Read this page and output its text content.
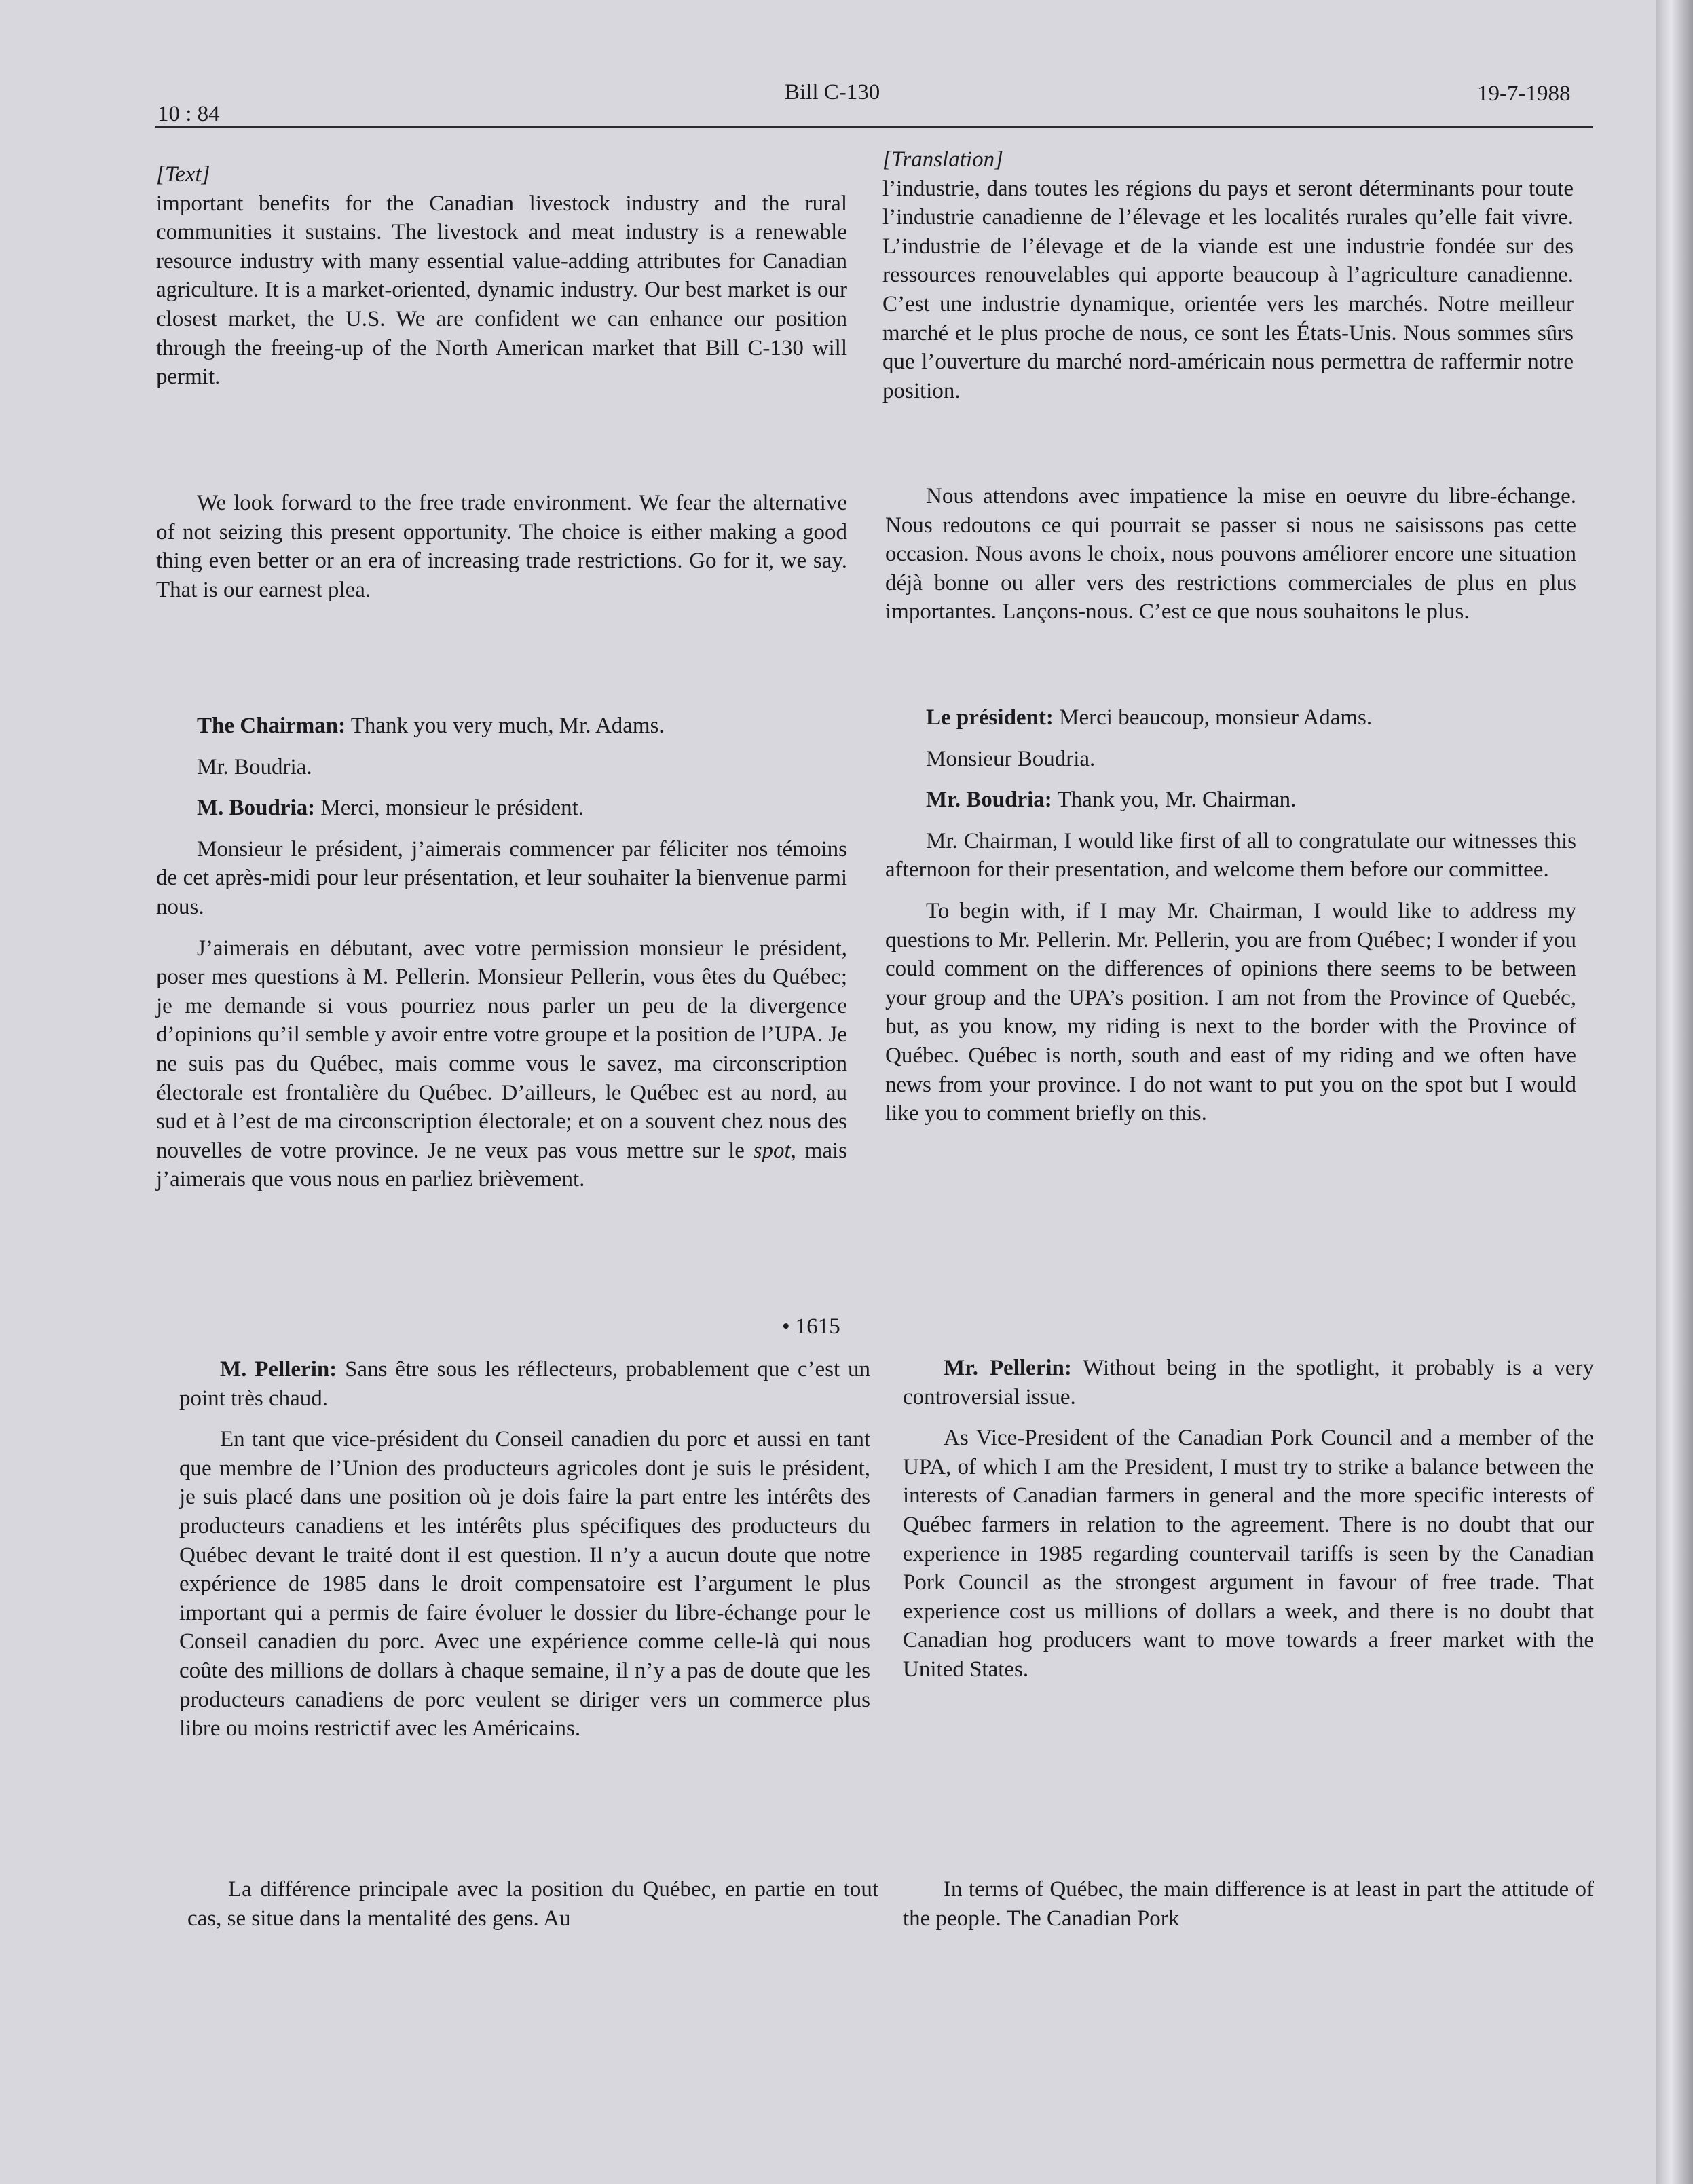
10 : 84
Bill C-130	19-7-1988

[Text]

important benefits for the Canadian livestock industry and the rural communities it sustains. The livestock and meat industry is a renewable resource industry with many essential value-adding attributes for Canadian agriculture. It is a market-oriented, dynamic industry. Our best market is our closest market, the U.S. We are confident we can enhance our position through the freeing-up of the North American market that Bill C-130 will permit.

We look forward to the free trade environment. We fear the alternative of not seizing this present opportunity. The choice is either making a good thing even better or an era of increasing trade restrictions. Go for it, we say. That is our earnest plea.

The Chairman: Thank you very much, Mr. Adams.

Mr. Boudria.

M. Boudria: Merci, monsieur le président.

Monsieur le président, j’aimerais commencer par féliciter nos témoins de cet après-midi pour leur présentation, et leur souhaiter la bienvenue parmi nous.

J’aimerais en débutant, avec votre permission monsieur le président, poser mes questions à M. Pellerin. Monsieur Pellerin, vous êtes du Québec; je me demande si vous pourriez nous parler un peu de la divergence d’opinions qu’il semble y avoir entre votre groupe et la position de l’UPA. Je ne suis pas du Québec, mais comme vous le savez, ma circonscription électorale est frontalière du Québec. D’ailleurs, le Québec est au nord, au sud et à l’est de ma circonscription électorale; et on a souvent chez nous des nouvelles de votre province. Je ne veux pas vous mettre sur le spot, mais j’aimerais que vous nous en parliez brièvement.

• 1615

M. Pellerin: Sans être sous les réflecteurs, probablement que c’est un point très chaud.

En tant que vice-président du Conseil canadien du porc et aussi en tant que membre de l’Union des producteurs agricoles dont je suis le président, je suis placé dans une position où je dois faire la part entre les intérêts des producteurs canadiens et les intérêts plus spécifiques des producteurs du Québec devant le traité dont il est question. Il n’y a aucun doute que notre expérience de 1985 dans le droit compensatoire est l’argument le plus important qui a permis de faire évoluer le dossier du libre-échange pour le Conseil canadien du porc. Avec une expérience comme celle-là qui nous coûte des millions de dollars à chaque semaine, il n’y a pas de doute que les producteurs canadiens de porc veulent se diriger vers un commerce plus libre ou moins restrictif avec les Américains.

La différence principale avec la position du Québec, en partie en tout cas, se situe dans la mentalité des gens. Au

[Translation]

l’industrie, dans toutes les régions du pays et seront déterminants pour toute l’industrie canadienne de l’élevage et les localités rurales qu’elle fait vivre. L’industrie de l’élevage et de la viande est une industrie fondée sur des ressources renouvelables qui apporte beaucoup à l’agriculture canadienne. C’est une industrie dynamique, orientée vers les marchés. Notre meilleur marché et le plus proche de nous, ce sont les États-Unis. Nous sommes sûrs que l’ouverture du marché nord-américain nous permettra de raffermir notre position.

Nous attendons avec impatience la mise en oeuvre du libre-échange. Nous redoutons ce qui pourrait se passer si nous ne saisissons pas cette occasion. Nous avons le choix, nous pouvons améliorer encore une situation déjà bonne ou aller vers des restrictions commerciales de plus en plus importantes. Lançons-nous. C’est ce que nous souhaitons le plus.

Le président: Merci beaucoup, monsieur Adams.

Monsieur Boudria.

Mr. Boudria: Thank you, Mr. Chairman.

Mr. Chairman, I would like first of all to congratulate our witnesses this afternoon for their presentation, and welcome them before our committee.

To begin with, if I may Mr. Chairman, I would like to address my questions to Mr. Pellerin. Mr. Pellerin, you are from Québec; I wonder if you could comment on the differences of opinions there seems to be between your group and the UPA’s position. I am not from the Province of Quebéc, but, as you know, my riding is next to the border with the Province of Québec. Québec is north, south and east of my riding and we often have news from your province. I do not want to put you on the spot but I would like you to comment briefly on this.

Mr. Pellerin: Without being in the spotlight, it probably is a very controversial issue.

As Vice-President of the Canadian Pork Council and a member of the UPA, of which I am the President, I must try to strike a balance between the interests of Canadian farmers in general and the more specific interests of Québec farmers in relation to the agreement. There is no doubt that our experience in 1985 regarding countervail tariffs is seen by the Canadian Pork Council as the strongest argument in favour of free trade. That experience cost us millions of dollars a week, and there is no doubt that Canadian hog producers want to move towards a freer market with the United States.

In terms of Québec, the main difference is at least in part the attitude of the people. The Canadian Pork
